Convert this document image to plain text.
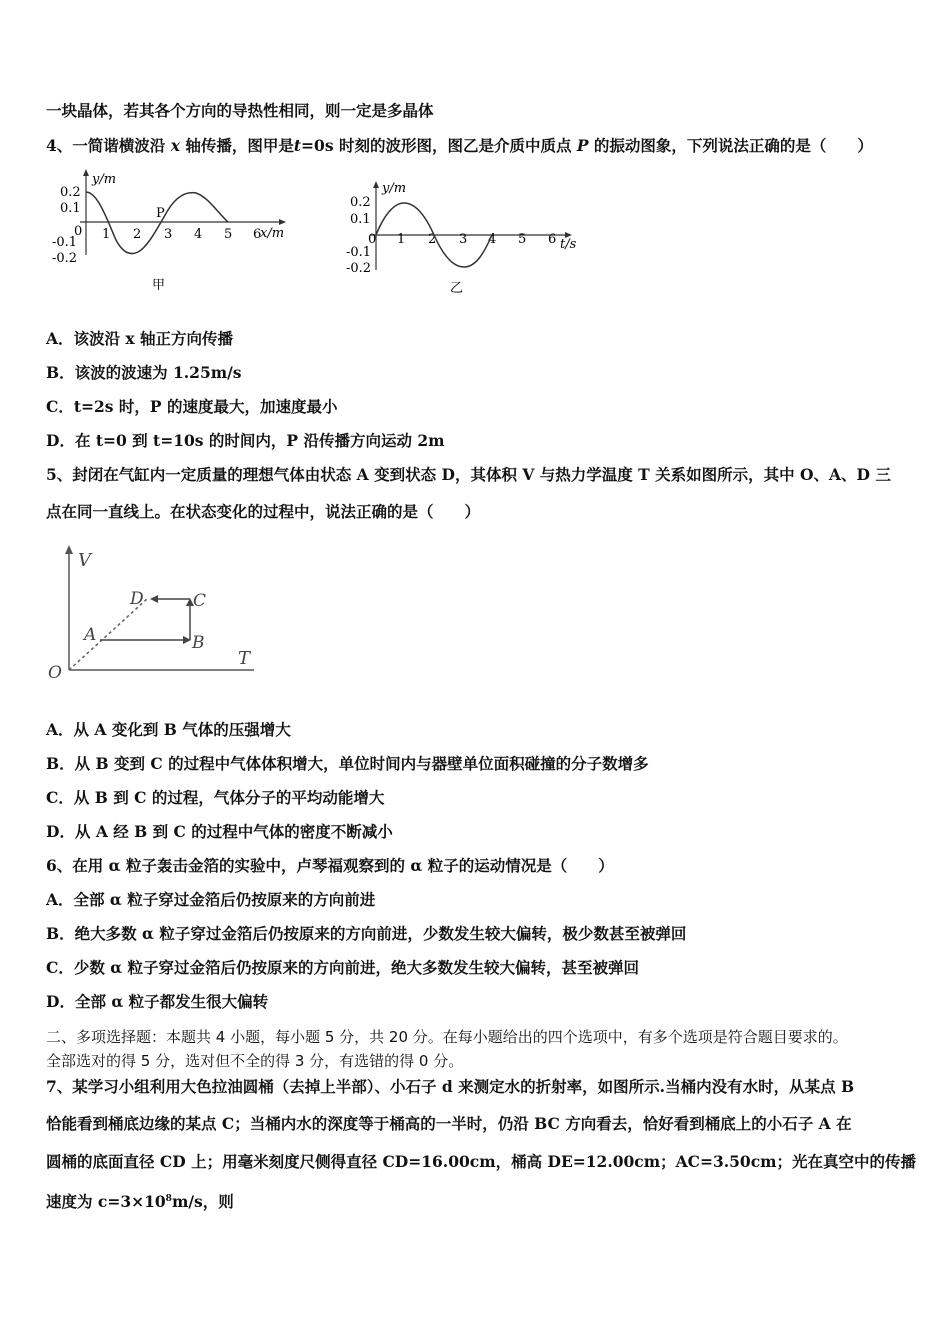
一块晶体，若其各个方向的导热性相同，则一定是多晶体
4、一简谐横波沿 x 轴传播，图甲是t=0s 时刻的波形图，图乙是介质中质点 P 的振动图象，下列说法正确的是（　　）
y/m
x/m
0.2
0.1
-0.1
-0.2
0 1 2 3 4 5 6
P
甲
y/m
t/s
0.2
0.1
-0.1
-0.2
0 1 2 3 4 5 6
乙
A．该波沿 x 轴正方向传播
B．该波的波速为 1.25m/s
C．t=2s 时，P 的速度最大，加速度最小
D．在 t=0 到 t=10s 的时间内，P 沿传播方向运动 2m
5、封闭在气缸内一定质量的理想气体由状态 A 变到状态 D，其体积 V 与热力学温度 T 关系如图所示，其中 O、A、D 三
点在同一直线上。在状态变化的过程中，说法正确的是（　　）
V
T
O
A	B
C
D
A．从 A 变化到 B 气体的压强增大
B．从 B 变到 C 的过程中气体体积增大，单位时间内与器壁单位面积碰撞的分子数增多
C．从 B 到 C 的过程，气体分子的平均动能增大
D．从 A 经 B 到 C 的过程中气体的密度不断减小
6、在用 α 粒子轰击金箔的实验中，卢琴福观察到的 α 粒子的运动情况是（　　）
A．全部 α 粒子穿过金箔后仍按原来的方向前进
B．绝大多数 α 粒子穿过金箔后仍按原来的方向前进，少数发生较大偏转，极少数甚至被弹回
C．少数 α 粒子穿过金箔后仍按原来的方向前进，绝大多数发生较大偏转，甚至被弹回
D．全部 α 粒子都发生很大偏转
二、多项选择题：本题共 4 小题，每小题 5 分，共 20 分。在每小题给出的四个选项中，有多个选项是符合题目要求的。
全部选对的得 5 分，选对但不全的得 3 分，有选错的得 0 分。
7、某学习小组利用大色拉油圆桶（去掉上半部）、小石子 d 来测定水的折射率，如图所示.当桶内没有水时，从某点 B
恰能看到桶底边缘的某点 C；当桶内水的深度等于桶高的一半时，仍沿 BC 方向看去，恰好看到桶底上的小石子 A 在
圆桶的底面直径 CD 上；用毫米刻度尺侧得直径 CD=16.00cm，桶高 DE=12.00cm；AC=3.50cm；光在真空中的传播
速度为 $c=3\times 10^8m/s$，则
